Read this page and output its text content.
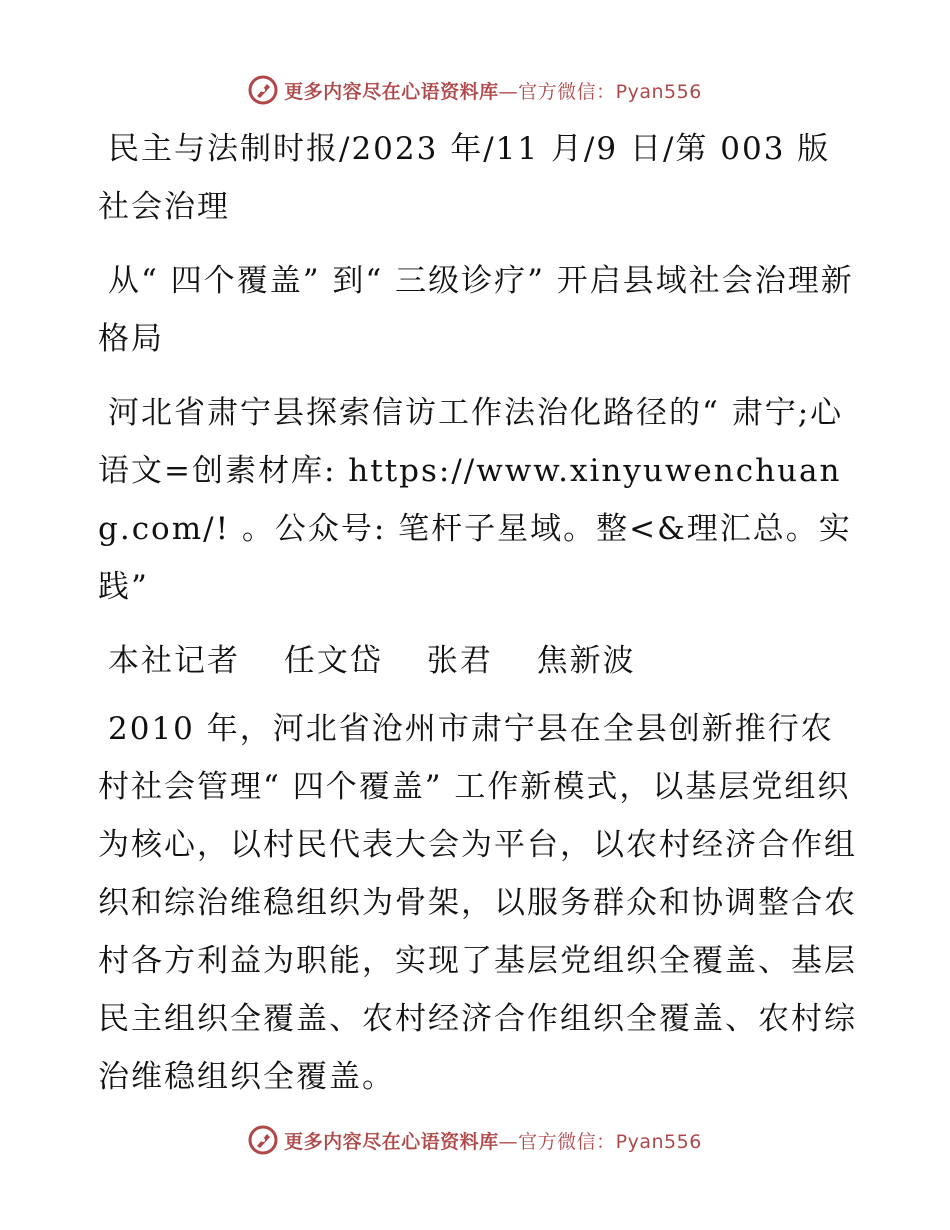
更多内容尽在心语资料库—官方微信：Pyan556

民主与法制时报/2023 年/11 月/9 日/第 003 版社会治理

从“ 四个覆盖” 到“ 三级诊疗” 开启县域社会治理新格局

河北省肃宁县探索信访工作法治化路径的“ 肃宁;心语文=创素材库: https://www.xinyuwenchuang.com/! 。公众号: 笔杆子星域。整<&理汇总。实践”

本社记者 任文岱 张君 焦新波

2010 年，河北省沧州市肃宁县在全县创新推行农村社会管理“ 四个覆盖” 工作新模式，以基层党组织为核心，以村民代表大会为平台，以农村经济合作组织和综治维稳组织为骨架，以服务群众和协调整合农村各方利益为职能，实现了基层党组织全覆盖、基层民主组织全覆盖、农村经济合作组织全覆盖、农村综治维稳组织全覆盖。

更多内容尽在心语资料库—官方微信：Pyan556
